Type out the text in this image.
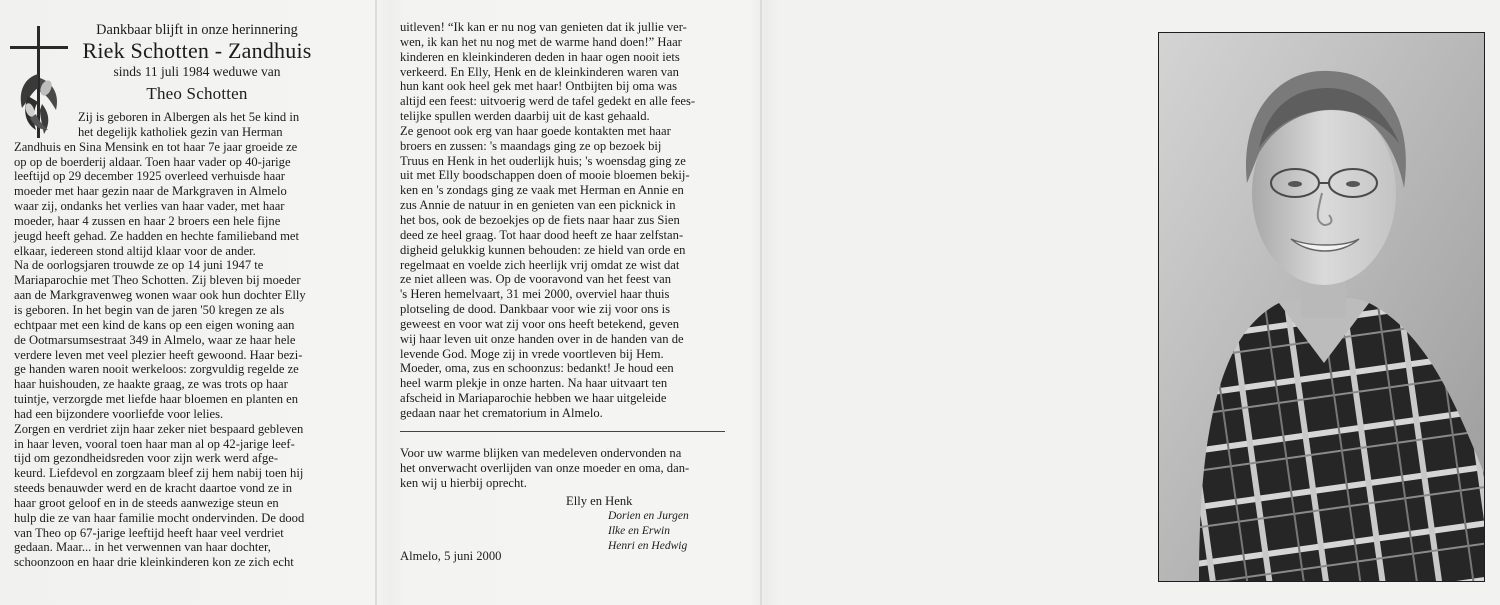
Dankbaar blijft in onze herinnering
Riek Schotten - Zandhuis
sinds 11 juli 1984 weduwe van
Theo Schotten
Zij is geboren in Albergen als het 5e kind in
het degelijk katholiek gezin van Herman
Zandhuis en Sina Mensink en tot haar 7e jaar groeide ze
op op de boerderij aldaar. Toen haar vader op 40-jarige
leeftijd op 29 december 1925 overleed verhuisde haar
moeder met haar gezin naar de Markgraven in Almelo
waar zij, ondanks het verlies van haar vader, met haar
moeder, haar 4 zussen en haar 2 broers een hele fijne
jeugd heeft gehad. Ze hadden en hechte familieband met
elkaar, iedereen stond altijd klaar voor de ander.
Na de oorlogsjaren trouwde ze op 14 juni 1947 te
Mariaparochie met Theo Schotten. Zij bleven bij moeder
aan de Markgravenweg wonen waar ook hun dochter Elly
is geboren. In het begin van de jaren '50 kregen ze als
echtpaar met een kind de kans op een eigen woning aan
de Ootmarsumsestraat 349 in Almelo, waar ze haar hele
verdere leven met veel plezier heeft gewoond. Haar bezi-
ge handen waren nooit werkeloos: zorgvuldig regelde ze
haar huishouden, ze haakte graag, ze was trots op haar
tuintje, verzorgde met liefde haar bloemen en planten en
had een bijzondere voorliefde voor lelies.
Zorgen en verdriet zijn haar zeker niet bespaard gebleven
in haar leven, vooral toen haar man al op 42-jarige leef-
tijd om gezondheidsreden voor zijn werk werd afge-
keurd. Liefdevol en zorgzaam bleef zij hem nabij toen hij
steeds benauwder werd en de kracht daartoe vond ze in
haar groot geloof en in de steeds aanwezige steun en
hulp die ze van haar familie mocht ondervinden. De dood
van Theo op 67-jarige leeftijd heeft haar veel verdriet
gedaan. Maar... in het verwennen van haar dochter,
schoonzoon en haar drie kleinkinderen kon ze zich echt
uitleven! “Ik kan er nu nog van genieten dat ik jullie ver-
wen, ik kan het nu nog met de warme hand doen!” Haar
kinderen en kleinkinderen deden in haar ogen nooit iets
verkeerd. En Elly, Henk en de kleinkinderen waren van
hun kant ook heel gek met haar! Ontbijten bij oma was
altijd een feest: uitvoerig werd de tafel gedekt en alle fees-
telijke spullen werden daarbij uit de kast gehaald.
Ze genoot ook erg van haar goede kontakten met haar
broers en zussen: 's maandags ging ze op bezoek bij
Truus en Henk in het ouderlijk huis; 's woensdag ging ze
uit met Elly boodschappen doen of mooie bloemen bekij-
ken en 's zondags ging ze vaak met Herman en Annie en
zus Annie de natuur in en genieten van een picknick in
het bos, ook de bezoekjes op de fiets naar haar zus Sien
deed ze heel graag. Tot haar dood heeft ze haar zelfstan-
digheid gelukkig kunnen behouden: ze hield van orde en
regelmaat en voelde zich heerlijk vrij omdat ze wist dat
ze niet alleen was. Op de vooravond van het feest van
's Heren hemelvaart, 31 mei 2000, overviel haar thuis
plotseling de dood. Dankbaar voor wie zij voor ons is
geweest en voor wat zij voor ons heeft betekend, geven
wij haar leven uit onze handen over in de handen van de
levende God. Moge zij in vrede voortleven bij Hem.
Moeder, oma, zus en schoonzus: bedankt! Je houd een
heel warm plekje in onze harten. Na haar uitvaart ten
afscheid in Mariaparochie hebben we haar uitgeleide
gedaan naar het crematorium in Almelo.
Voor uw warme blijken van medeleven ondervonden na
het onverwacht overlijden van onze moeder en oma, dan-
ken wij u hierbij oprecht.
Elly en Henk
Dorien en Jurgen
Ilke en Erwin
Henri en Hedwig
Almelo, 5 juni 2000
